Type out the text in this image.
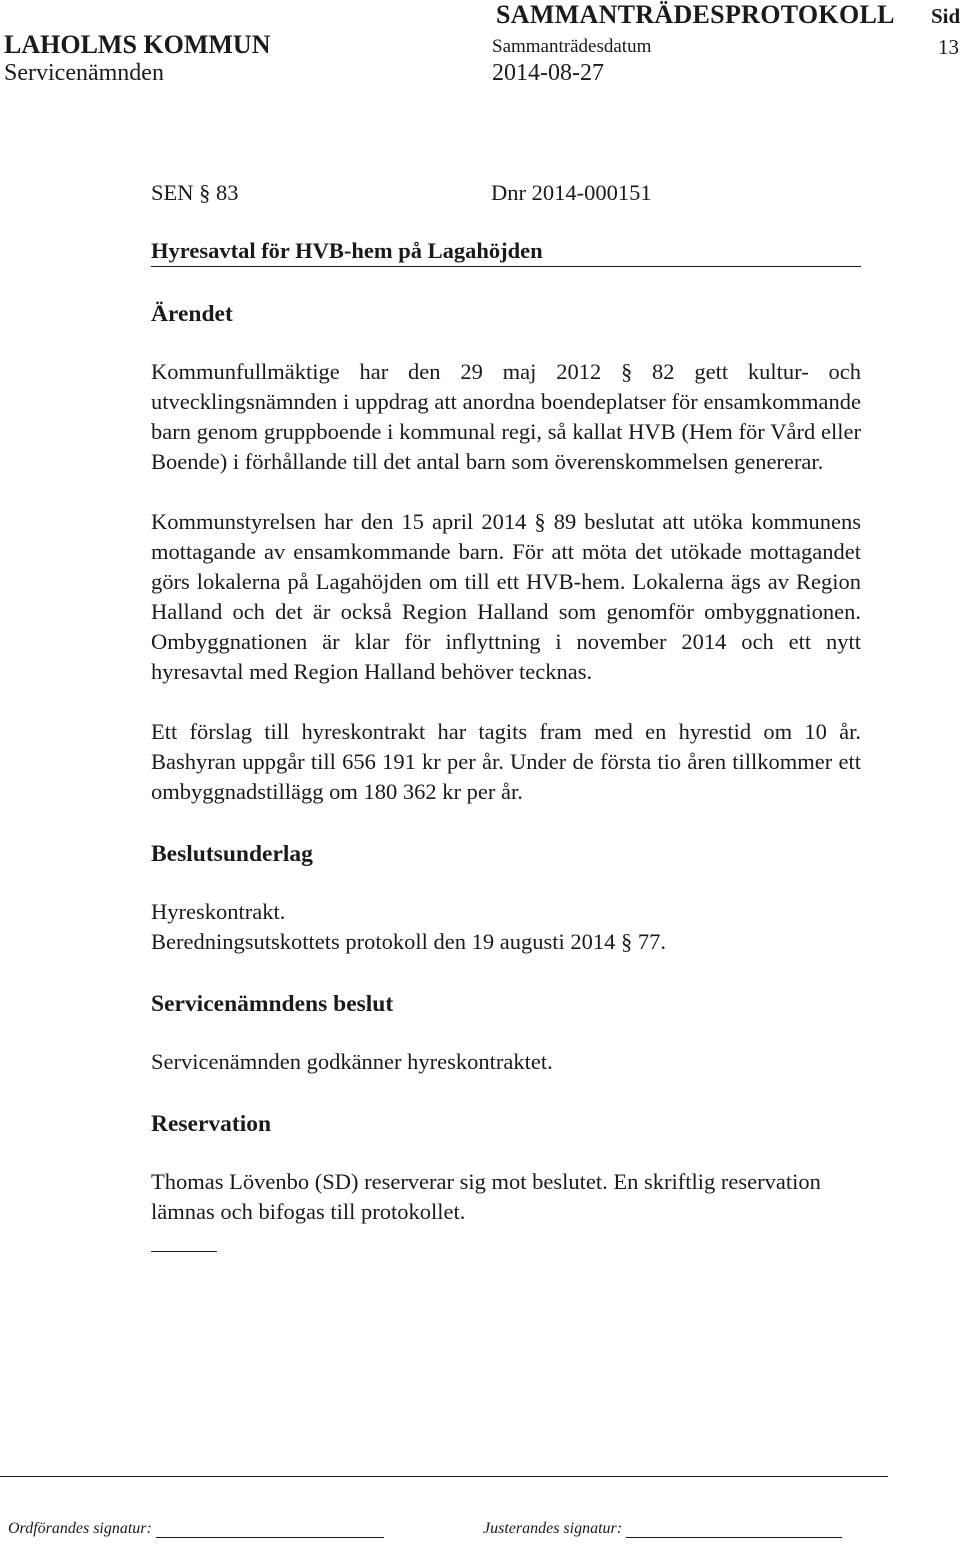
SAMMANTRÄDESPROTOKOLL Sid
LAHOLMS KOMMUN	Sammanträdesdatum	13
Servicenämnden	2014-08-27
SEN § 83	Dnr 2014-000151
Hyresavtal för HVB-hem på Lagahöjden
Ärendet

Kommunfullmäktige har den 29 maj 2012 § 82 gett kultur- och utvecklingsnämnden i uppdrag att anordna boendeplatser för ensamkommande barn genom gruppboende i kommunal regi, så kallat HVB (Hem för Vård eller Boende) i förhållande till det antal barn som överenskommelsen genererar.

Kommunstyrelsen har den 15 april 2014 § 89 beslutat att utöka kommunens mottagande av ensamkommande barn. För att möta det utökade mottagandet görs lokalerna på Lagahöjden om till ett HVB-hem. Lokalerna ägs av Region Halland och det är också Region Halland som genomför ombyggnationen. Ombyggnationen är klar för inflyttning i november 2014 och ett nytt hyresavtal med Region Halland behöver tecknas.

Ett förslag till hyreskontrakt har tagits fram med en hyrestid om 10 år. Bashyran uppgår till 656 191 kr per år. Under de första tio åren tillkommer ett ombyggnadstillägg om 180 362 kr per år.

Beslutsunderlag

Hyreskontrakt.

Beredningsutskottets protokoll den 19 augusti 2014 § 77.

Servicenämndens beslut

Servicenämnden godkänner hyreskontraktet.

Reservation

Thomas Lövenbo (SD) reserverar sig mot beslutet. En skriftlig reservation lämnas och bifogas till protokollet.

Ordförandes signatur:	Justerandes signatur:
